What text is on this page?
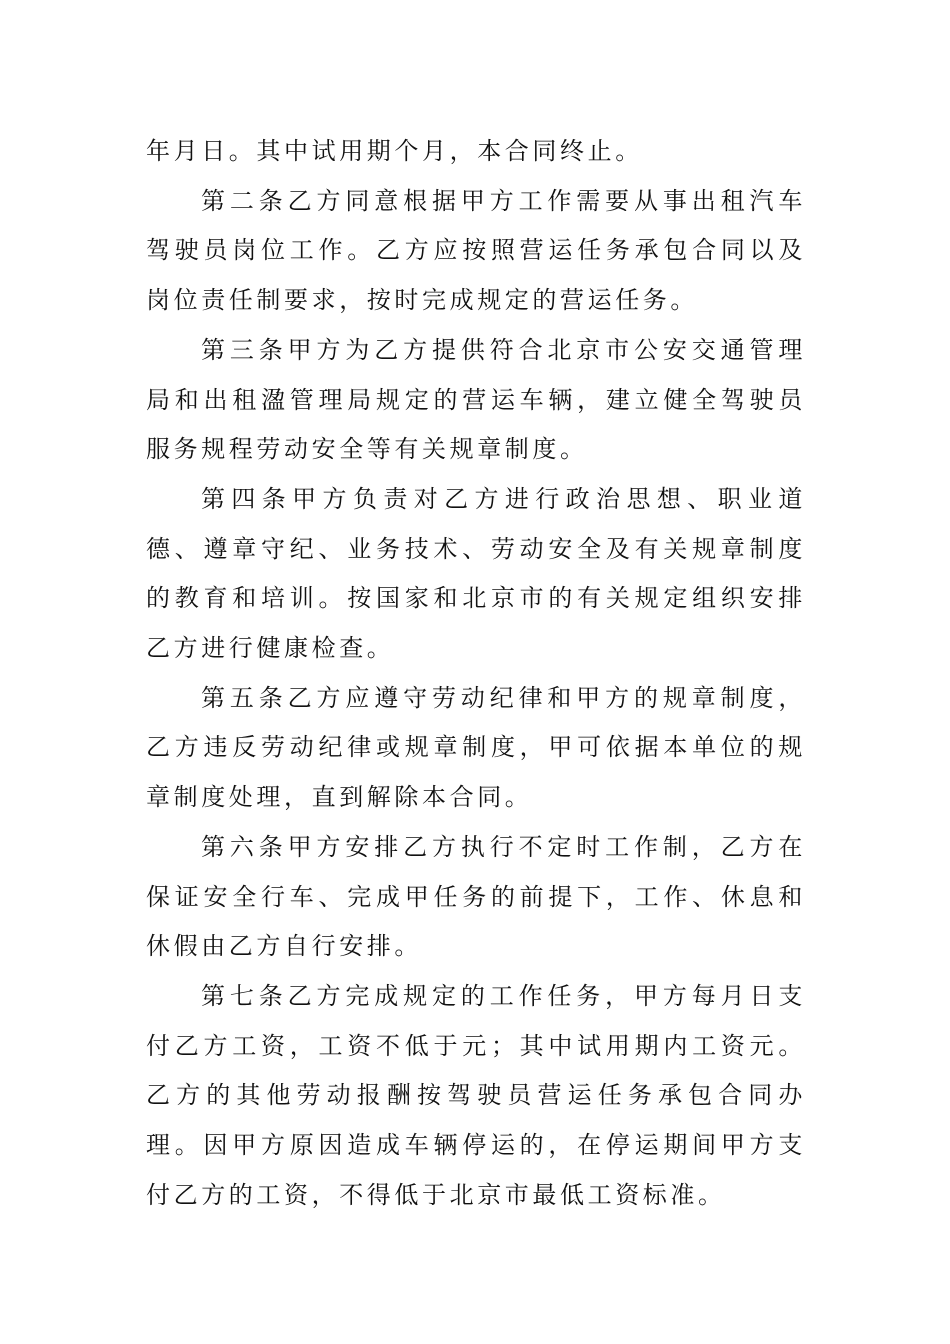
年月日。其中试用期个月，本合同终止。

第二条乙方同意根据甲方工作需要从事出租汽车驾驶员岗位工作。乙方应按照营运任务承包合同以及岗位责任制要求，按时完成规定的营运任务。

第三条甲方为乙方提供符合北京市公安交通管理局和出租溋管理局规定的营运车辆，建立健全驾驶员服务规程劳动安全等有关规章制度。

第四条甲方负责对乙方进行政治思想、职业道德、遵章守纪、业务技术、劳动安全及有关规章制度的教育和培训。按国家和北京市的有关规定组织安排乙方进行健康检查。

第五条乙方应遵守劳动纪律和甲方的规章制度，乙方违反劳动纪律或规章制度，甲可依据本单位的规章制度处理，直到解除本合同。

第六条甲方安排乙方执行不定时工作制，乙方在保证安全行车、完成甲任务的前提下，工作、休息和休假由乙方自行安排。

第七条乙方完成规定的工作任务，甲方每月日支付乙方工资，工资不低于元；其中试用期内工资元。乙方的其他劳动报酬按驾驶员营运任务承包合同办理。因甲方原因造成车辆停运的，在停运期间甲方支付乙方的工资，不得低于北京市最低工资标准。
